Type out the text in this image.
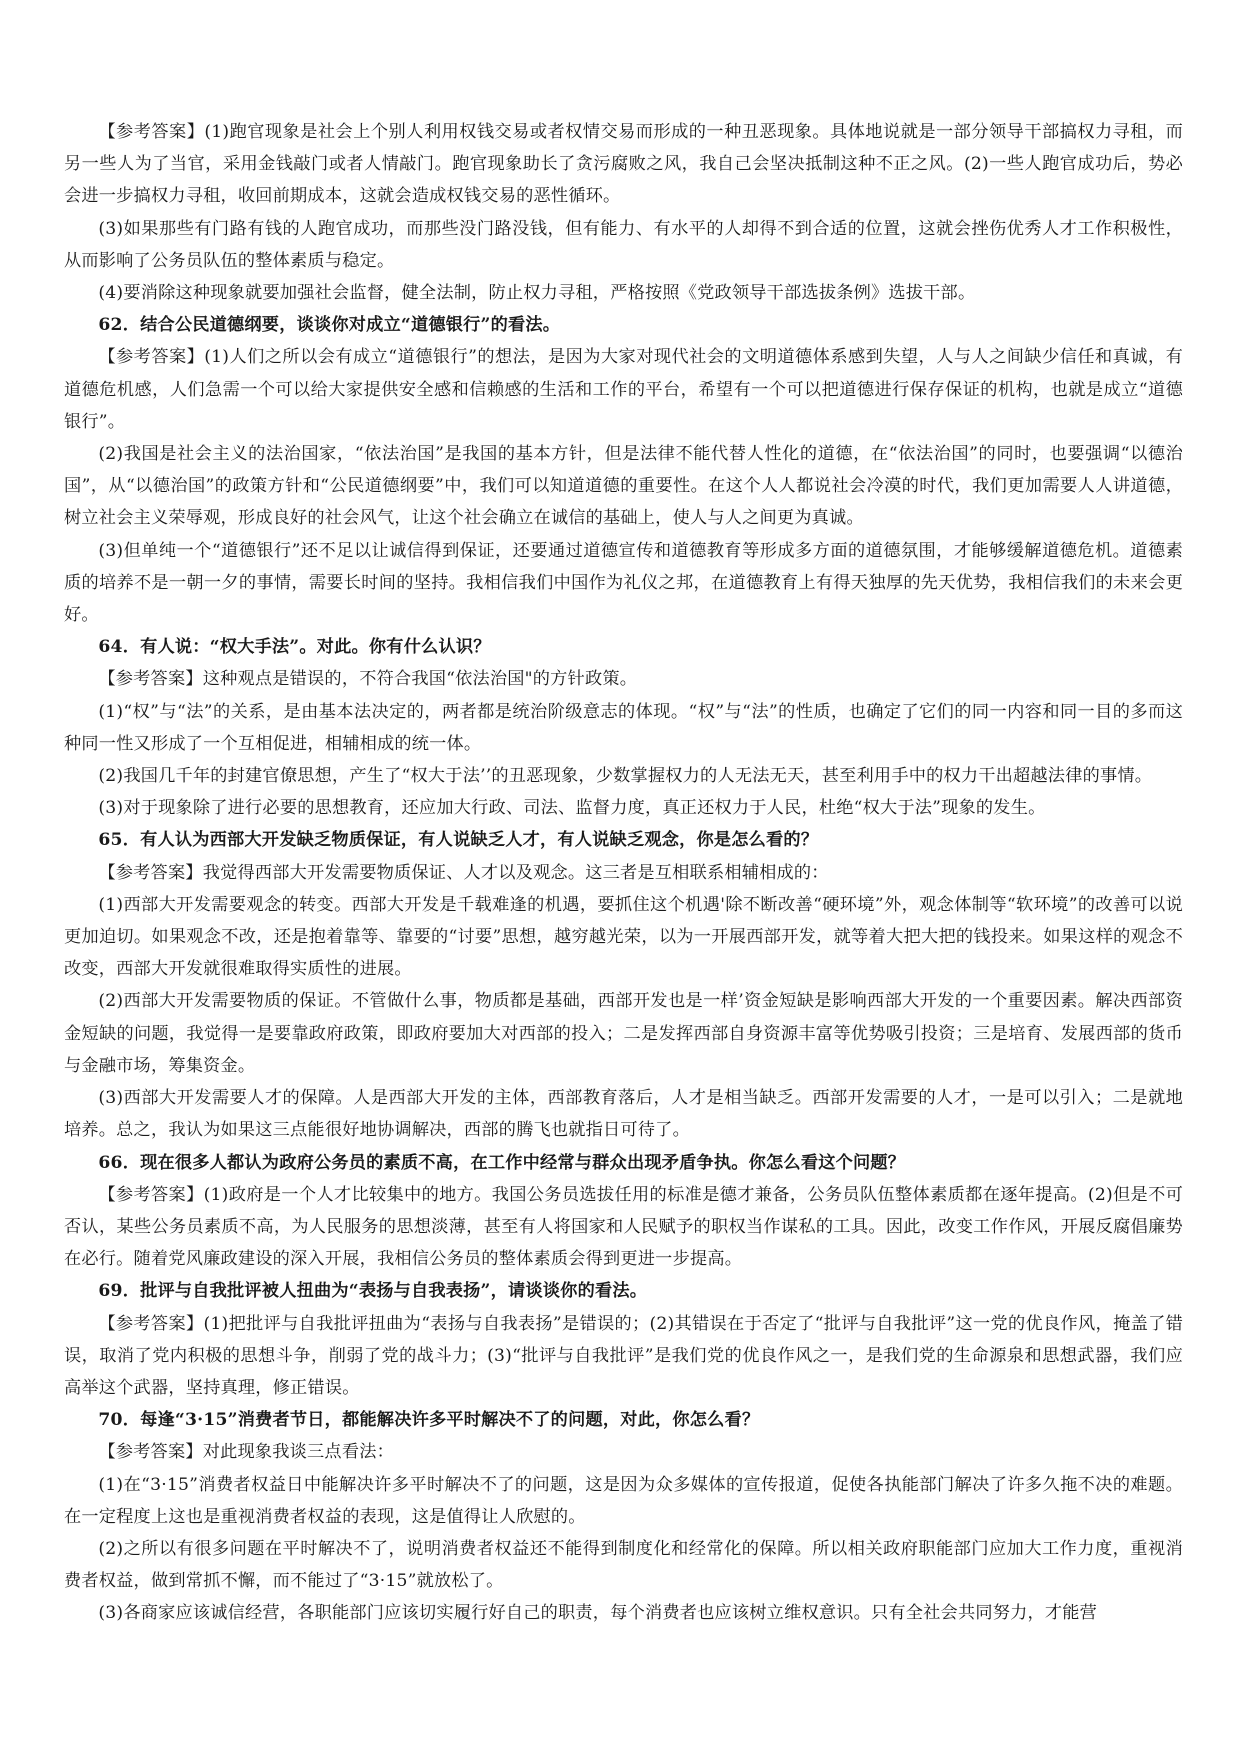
【参考答案】(1)跑官现象是社会上个别人利用权钱交易或者权情交易而形成的一种丑恶现象。具体地说就是一部分领导干部搞权力寻租，而另一些人为了当官，采用金钱敲门或者人情敲门。跑官现象助长了贪污腐败之风，我自己会坚决抵制这种不正之风。(2)一些人跑官成功后，势必会进一步搞权力寻租，收回前期成本，这就会造成权钱交易的恶性循环。

(3)如果那些有门路有钱的人跑官成功，而那些没门路没钱，但有能力、有水平的人却得不到合适的位置，这就会挫伤优秀人才工作积极性，从而影响了公务员队伍的整体素质与稳定。

(4)要消除这种现象就要加强社会监督，健全法制，防止权力寻租，严格按照《党政领导干部选拔条例》选拔干部。

62．结合公民道德纲要，谈谈你对成立“道德银行”的看法。

【参考答案】(1)人们之所以会有成立“道德银行”的想法，是因为大家对现代社会的文明道德体系感到失望，人与人之间缺少信任和真诚，有道德危机感，人们急需一个可以给大家提供安全感和信赖感的生活和工作的平台，希望有一个可以把道德进行保存保证的机构，也就是成立“道德银行”。

(2)我国是社会主义的法治国家，“依法治国”是我国的基本方针，但是法律不能代替人性化的道德，在“依法治国”的同时，也要强调“以德治国”，从“以德治国”的政策方针和“公民道德纲要”中，我们可以知道道德的重要性。在这个人人都说社会冷漠的时代，我们更加需要人人讲道德，树立社会主义荣辱观，形成良好的社会风气，让这个社会确立在诚信的基础上，使人与人之间更为真诚。

(3)但单纯一个“道德银行”还不足以让诚信得到保证，还要通过道德宣传和道德教育等形成多方面的道德氛围，才能够缓解道德危机。道德素质的培养不是一朝一夕的事情，需要长时间的坚持。我相信我们中国作为礼仪之邦，在道德教育上有得天独厚的先天优势，我相信我们的未来会更好。

64．有人说：“权大手法”。对此。你有什么认识？

【参考答案】这种观点是错误的，不符合我国“依法治国"的方针政策。

(1)“权”与“法”的关系，是由基本法决定的，两者都是统治阶级意志的体现。“权”与“法”的性质，也确定了它们的同一内容和同一目的多而这种同一性又形成了一个互相促进，相辅相成的统一体。

(2)我国几千年的封建官僚思想，产生了“权大于法’’的丑恶现象，少数掌握权力的人无法无天，甚至利用手中的权力干出超越法律的事情。

(3)对于现象除了进行必要的思想教育，还应加大行政、司法、监督力度，真正还权力于人民，杜绝“权大于法”现象的发生。

65．有人认为西部大开发缺乏物质保证，有人说缺乏人才，有人说缺乏观念，你是怎么看的？

【参考答案】我觉得西部大开发需要物质保证、人才以及观念。这三者是互相联系相辅相成的：

(1)西部大开发需要观念的转变。西部大开发是千载难逢的机遇，要抓住这个机遇'除不断改善“硬环境”外，观念体制等“软环境”的改善可以说更加迫切。如果观念不改，还是抱着靠等、靠要的“讨要”思想，越穷越光荣，以为一开展西部开发，就等着大把大把的钱投来。如果这样的观念不改变，西部大开发就很难取得实质性的进展。

(2)西部大开发需要物质的保证。不管做什么事，物质都是基础，西部开发也是一样’资金短缺是影响西部大开发的一个重要因素。解决西部资金短缺的问题，我觉得一是要靠政府政策，即政府要加大对西部的投入；二是发挥西部自身资源丰富等优势吸引投资；三是培育、发展西部的货币与金融市场，筹集资金。

(3)西部大开发需要人才的保障。人是西部大开发的主体，西部教育落后，人才是相当缺乏。西部开发需要的人才，一是可以引入；二是就地培养。总之，我认为如果这三点能很好地协调解决，西部的腾飞也就指日可待了。

66．现在很多人都认为政府公务员的素质不高，在工作中经常与群众出现矛盾争执。你怎么看这个问题？

【参考答案】(1)政府是一个人才比较集中的地方。我国公务员选拔任用的标准是德才兼备，公务员队伍整体素质都在逐年提高。(2)但是不可否认，某些公务员素质不高，为人民服务的思想淡薄，甚至有人将国家和人民赋予的职权当作谋私的工具。因此，改变工作作风，开展反腐倡廉势在必行。随着党风廉政建设的深入开展，我相信公务员的整体素质会得到更进一步提高。

69．批评与自我批评被人扭曲为“表扬与自我表扬”，请谈谈你的看法。

【参考答案】(1)把批评与自我批评扭曲为“表扬与自我表扬”是错误的；(2)其错误在于否定了“批评与自我批评”这一党的优良作风，掩盖了错误，取消了党内积极的思想斗争，削弱了党的战斗力；(3)“批评与自我批评”是我们党的优良作风之一，是我们党的生命源泉和思想武器，我们应高举这个武器，坚持真理，修正错误。

70．每逢“3·15”消费者节日，都能解决许多平时解决不了的问题，对此，你怎么看？

【参考答案】对此现象我谈三点看法：

(1)在“3·15”消费者权益日中能解决许多平时解决不了的问题，这是因为众多媒体的宣传报道，促使各执能部门解决了许多久拖不决的难题。在一定程度上这也是重视消费者权益的表现，这是值得让人欣慰的。

(2)之所以有很多问题在平时解决不了，说明消费者权益还不能得到制度化和经常化的保障。所以相关政府职能部门应加大工作力度，重视消费者权益，做到常抓不懈，而不能过了“3·15”就放松了。

(3)各商家应该诚信经营，各职能部门应该切实履行好自己的职责，每个消费者也应该树立维权意识。只有全社会共同努力，才能营
